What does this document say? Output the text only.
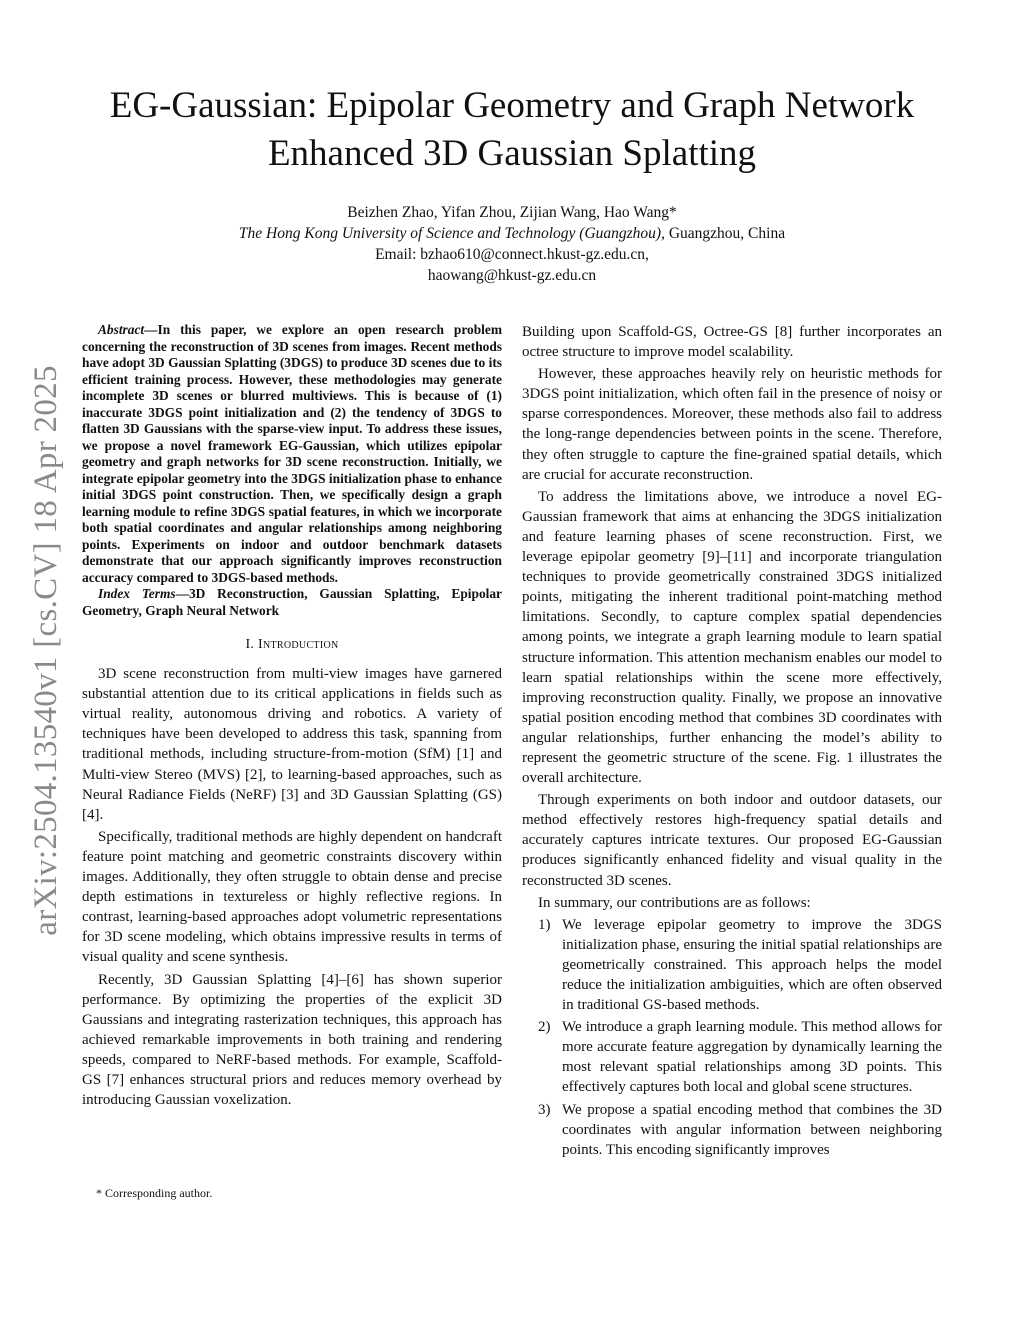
arXiv:2504.13540v1 [cs.CV] 18 Apr 2025
EG-Gaussian: Epipolar Geometry and Graph Network Enhanced 3D Gaussian Splatting
Beizhen Zhao, Yifan Zhou, Zijian Wang, Hao Wang*
The Hong Kong University of Science and Technology (Guangzhou), Guangzhou, China
Email: bzhao610@connect.hkust-gz.edu.cn,
haowang@hkust-gz.edu.cn

Abstract—In this paper, we explore an open research problem concerning the reconstruction of 3D scenes from images. Recent methods have adopt 3D Gaussian Splatting (3DGS) to produce 3D scenes due to its efficient training process. However, these methodologies may generate incomplete 3D scenes or blurred multiviews. This is because of (1) inaccurate 3DGS point initialization and (2) the tendency of 3DGS to flatten 3D Gaussians with the sparse-view input. To address these issues, we propose a novel framework EG-Gaussian, which utilizes epipolar geometry and graph networks for 3D scene reconstruction. Initially, we integrate epipolar geometry into the 3DGS initialization phase to enhance initial 3DGS point construction. Then, we specifically design a graph learning module to refine 3DGS spatial features, in which we incorporate both spatial coordinates and angular relationships among neighboring points. Experiments on indoor and outdoor benchmark datasets demonstrate that our approach significantly improves reconstruction accuracy compared to 3DGS-based methods.

Index Terms—3D Reconstruction, Gaussian Splatting, Epipolar Geometry, Graph Neural Network

I. Introduction

3D scene reconstruction from multi-view images have garnered substantial attention due to its critical applications in fields such as virtual reality, autonomous driving and robotics. A variety of techniques have been developed to address this task, spanning from traditional methods, including structure-from-motion (SfM) [1] and Multi-view Stereo (MVS) [2], to learning-based approaches, such as Neural Radiance Fields (NeRF) [3] and 3D Gaussian Splatting (GS) [4].

Specifically, traditional methods are highly dependent on handcraft feature point matching and geometric constraints discovery within images. Additionally, they often struggle to obtain dense and precise depth estimations in textureless or highly reflective regions. In contrast, learning-based approaches adopt volumetric representations for 3D scene modeling, which obtains impressive results in terms of visual quality and scene synthesis.

Recently, 3D Gaussian Splatting [4]–[6] has shown superior performance. By optimizing the properties of the explicit 3D Gaussians and integrating rasterization techniques, this approach has achieved remarkable improvements in both training and rendering speeds, compared to NeRF-based methods. For example, Scaffold-GS [7] enhances structural priors and reduces memory overhead by introducing Gaussian voxelization.

* Corresponding author.

Building upon Scaffold-GS, Octree-GS [8] further incorporates an octree structure to improve model scalability.

However, these approaches heavily rely on heuristic methods for 3DGS point initialization, which often fail in the presence of noisy or sparse correspondences. Moreover, these methods also fail to address the long-range dependencies between points in the scene. Therefore, they often struggle to capture the fine-grained spatial details, which are crucial for accurate reconstruction.

To address the limitations above, we introduce a novel EG-Gaussian framework that aims at enhancing the 3DGS initialization and feature learning phases of scene reconstruction. First, we leverage epipolar geometry [9]–[11] and incorporate triangulation techniques to provide geometrically constrained 3DGS initialized points, mitigating the inherent traditional point-matching method limitations. Secondly, to capture complex spatial dependencies among points, we integrate a graph learning module to learn spatial structure information. This attention mechanism enables our model to learn spatial relationships within the scene more effectively, improving reconstruction quality. Finally, we propose an innovative spatial position encoding method that combines 3D coordinates with angular relationships, further enhancing the model’s ability to represent the geometric structure of the scene. Fig. 1 illustrates the overall architecture.

Through experiments on both indoor and outdoor datasets, our method effectively restores high-frequency spatial details and accurately captures intricate textures. Our proposed EG-Gaussian produces significantly enhanced fidelity and visual quality in the reconstructed 3D scenes.

In summary, our contributions are as follows:

1) We leverage epipolar geometry to improve the 3DGS initialization phase, ensuring the initial spatial relationships are geometrically constrained. This approach helps the model reduce the initialization ambiguities, which are often observed in traditional GS-based methods.
2) We introduce a graph learning module. This method allows for more accurate feature aggregation by dynamically learning the most relevant spatial relationships among 3D points. This effectively captures both local and global scene structures.
3) We propose a spatial encoding method that combines the 3D coordinates with angular information between neighboring points. This encoding significantly improves
